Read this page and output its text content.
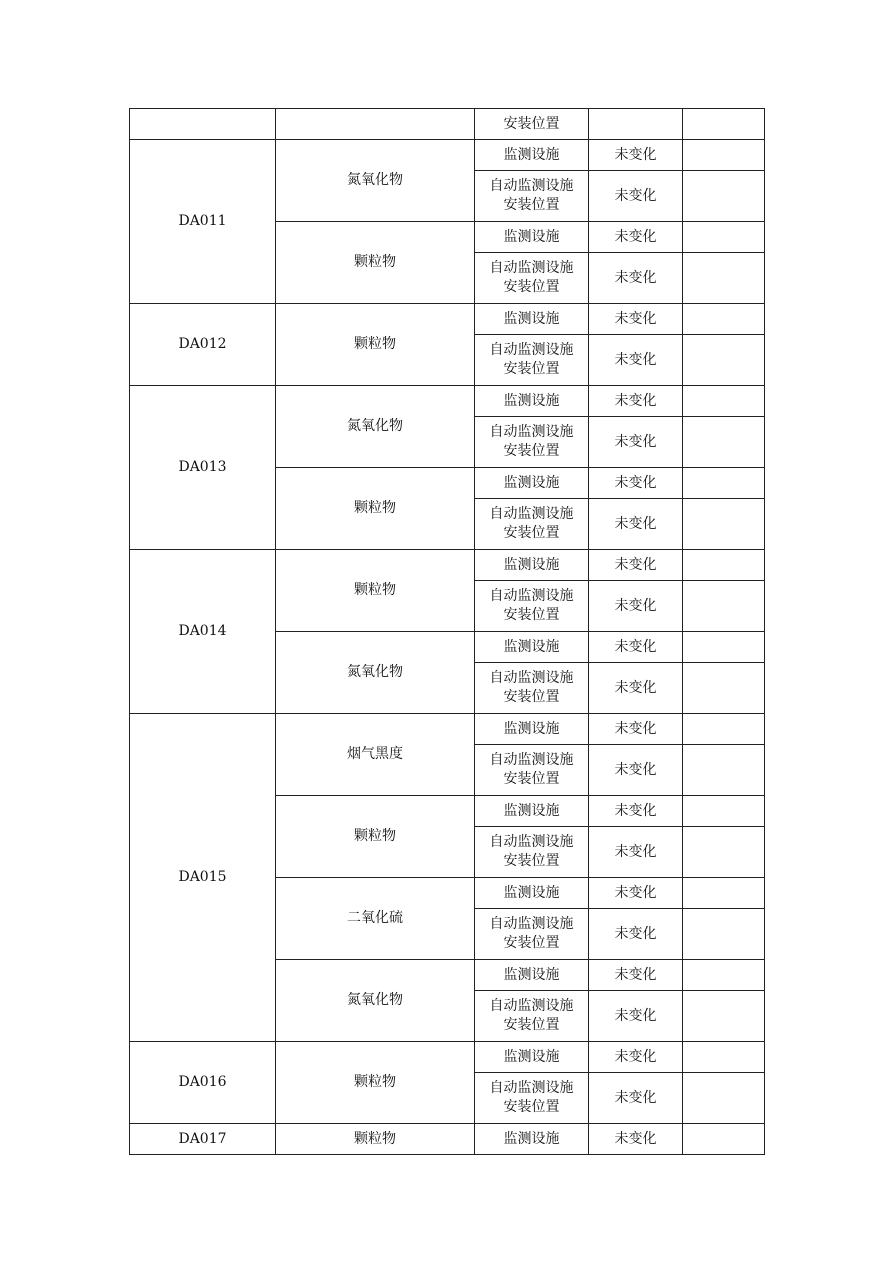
		安装位置		
DA011	氮氧化物	监测设施	未变化	
		自动监测设施
安装位置	未变化	
	颗粒物	监测设施	未变化	
		自动监测设施
安装位置	未变化	
DA012	颗粒物	监测设施	未变化	
		自动监测设施
安装位置	未变化	
DA013	氮氧化物	监测设施	未变化	
		自动监测设施
安装位置	未变化	
	颗粒物	监测设施	未变化	
		自动监测设施
安装位置	未变化	
DA014	颗粒物	监测设施	未变化	
		自动监测设施
安装位置	未变化	
	氮氧化物	监测设施	未变化	
		自动监测设施
安装位置	未变化	
DA015	烟气黑度	监测设施	未变化	
		自动监测设施
安装位置	未变化	
	颗粒物	监测设施	未变化	
		自动监测设施
安装位置	未变化	
	二氧化硫	监测设施	未变化	
		自动监测设施
安装位置	未变化	
	氮氧化物	监测设施	未变化	
		自动监测设施
安装位置	未变化	
DA016	颗粒物	监测设施	未变化	
		自动监测设施
安装位置	未变化	
DA017	颗粒物	监测设施	未变化	
